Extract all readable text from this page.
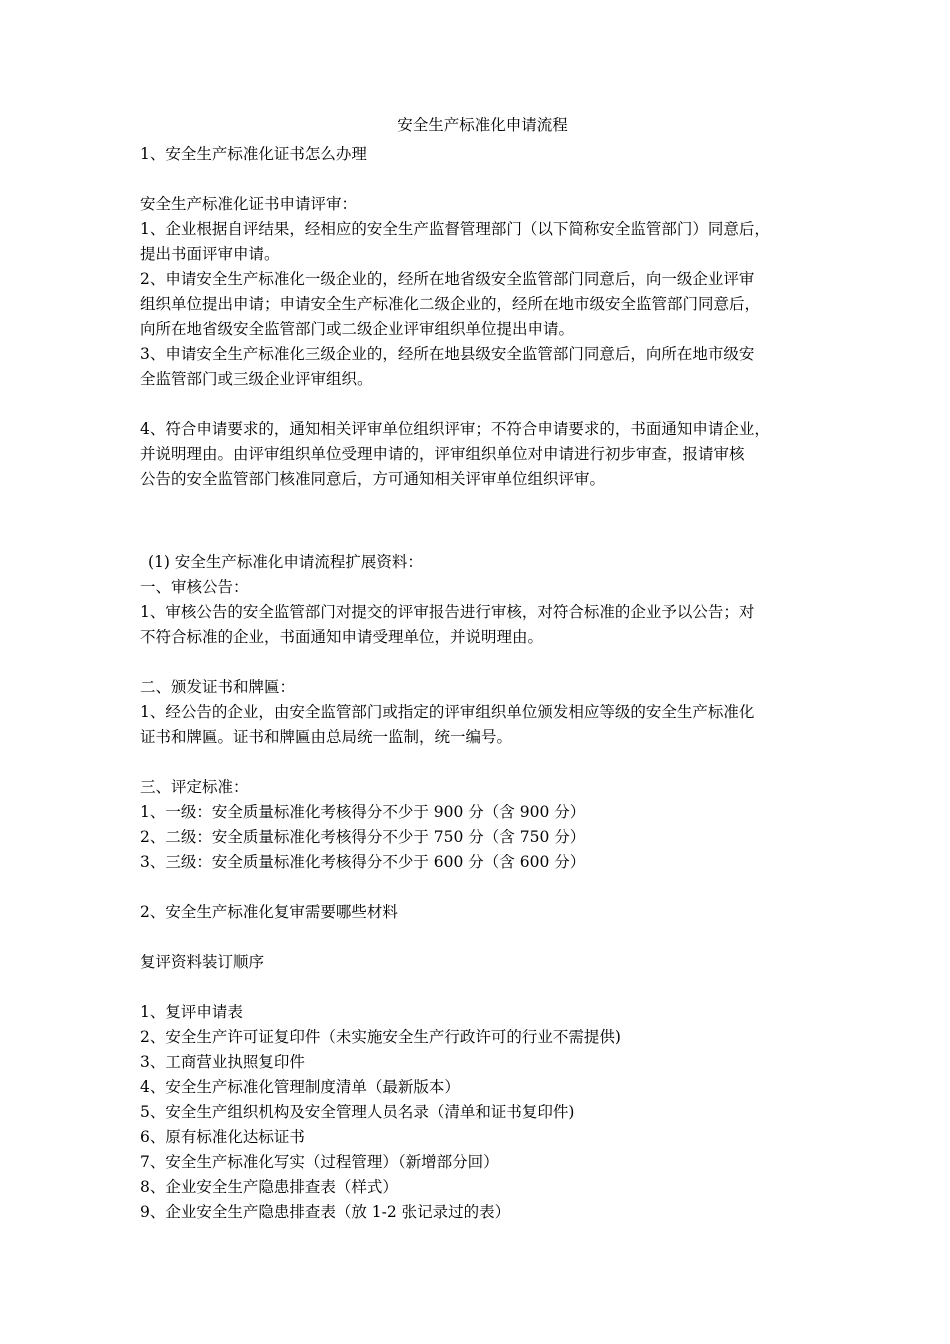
安全生产标准化申请流程

1、安全生产标准化证书怎么办理

安全生产标准化证书申请评审：

1、企业根据自评结果，经相应的安全生产监督管理部门（以下简称安全监管部门）同意后，

提出书面评审申请。

2、申请安全生产标准化一级企业的，经所在地省级安全监管部门同意后，向一级企业评审

组织单位提出申请；申请安全生产标准化二级企业的，经所在地市级安全监管部门同意后，

向所在地省级安全监管部门或二级企业评审组织单位提出申请。

3、申请安全生产标准化三级企业的，经所在地县级安全监管部门同意后，向所在地市级安

全监管部门或三级企业评审组织。

4、符合申请要求的，通知相关评审单位组织评审；不符合申请要求的，书面通知申请企业，

并说明理由。由评审组织单位受理申请的，评审组织单位对申请进行初步审查，报请审核

公告的安全监管部门核准同意后，方可通知相关评审单位组织评审。

(1) 安全生产标准化申请流程扩展资料：

一、审核公告：

1、审核公告的安全监管部门对提交的评审报告进行审核，对符合标准的企业予以公告；对

不符合标准的企业，书面通知申请受理单位，并说明理由。

二、颁发证书和牌匾：

1、经公告的企业，由安全监管部门或指定的评审组织单位颁发相应等级的安全生产标准化

证书和牌匾。证书和牌匾由总局统一监制，统一编号。

三、评定标准：

1、一级：安全质量标准化考核得分不少于 900 分（含 900 分）

2、二级：安全质量标准化考核得分不少于 750 分（含 750 分）

3、三级：安全质量标准化考核得分不少于 600 分（含 600 分）

2、安全生产标准化复审需要哪些材料

复评资料装订顺序

1、复评申请表

2、安全生产许可证复印件（未实施安全生产行政许可的行业不需提供)

3、工商营业执照复印件

4、安全生产标准化管理制度清单（最新版本）

5、安全生产组织机构及安全管理人员名录（清单和证书复印件)

6、原有标准化达标证书

7、安全生产标准化写实（过程管理）（新增部分回）

8、企业安全生产隐患排查表（样式）

9、企业安全生产隐患排查表（放 1-2 张记录过的表）
